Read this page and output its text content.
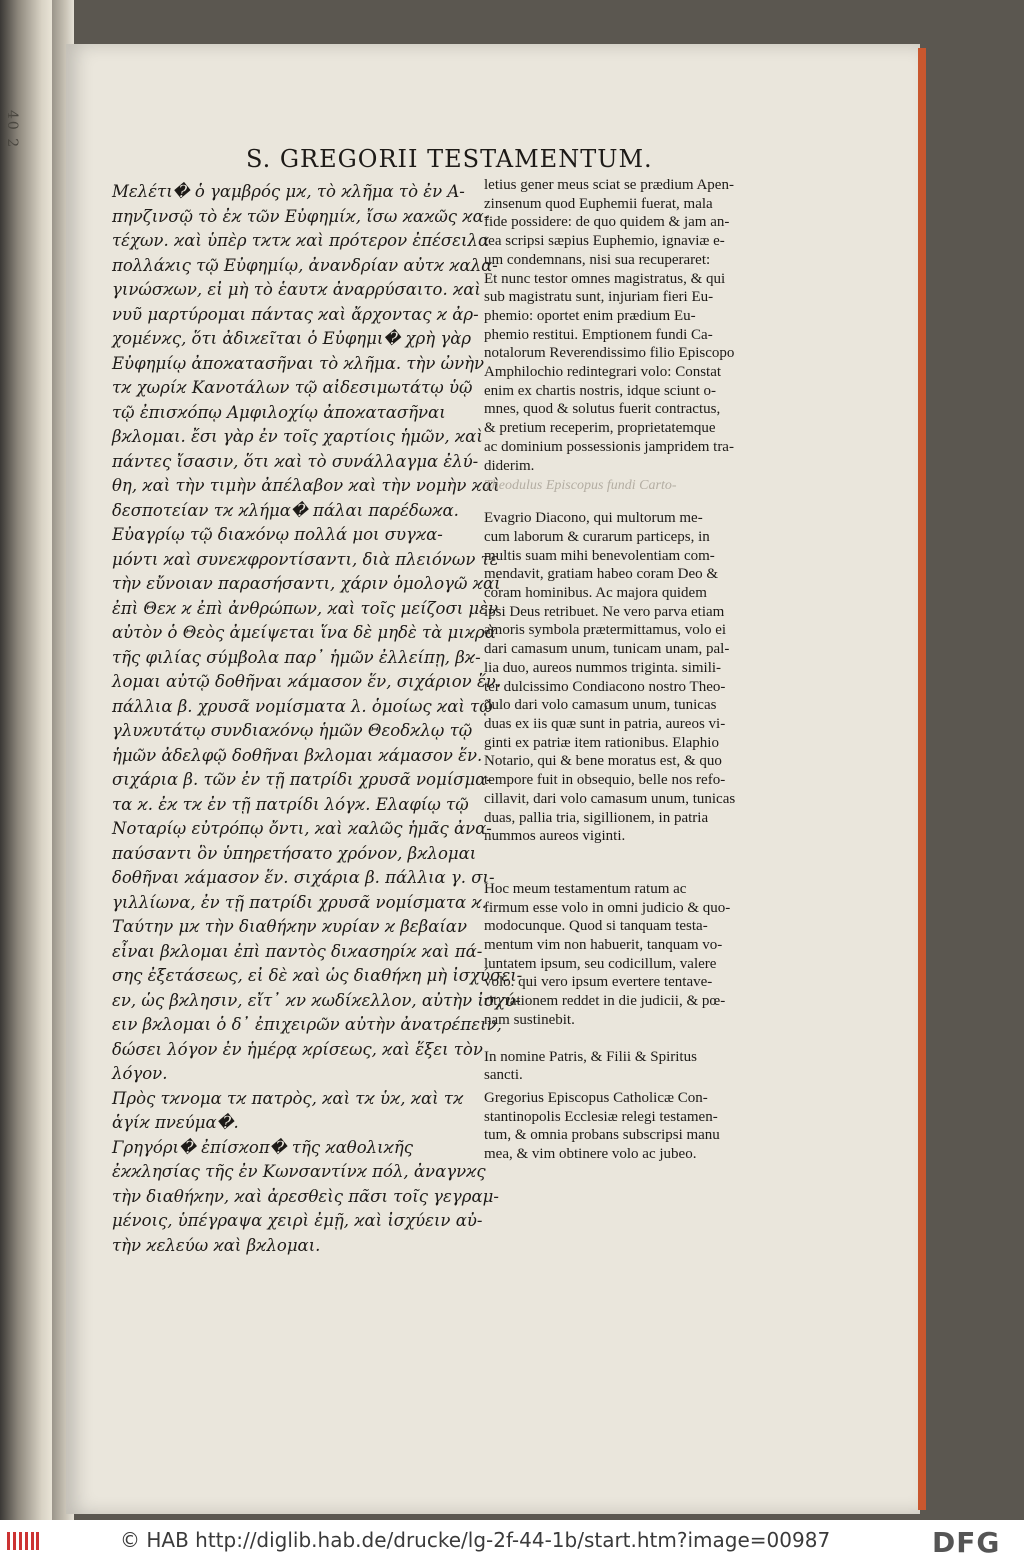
40 2
S. GREGORII TESTAMENTUM.
Μελέτι� ὁ γαμβρός μϰ, τὸ ϰλῆμα τὸ ἐν Α-
πηνζινσῷ τὸ ἐϰ τῶν Εὐφημίϰ, ἴσω ϰαϰῶς ϰα-
τέχων. ϰαὶ ὑπὲρ τϰτϰ ϰαὶ πρότερον ἐπέσειλα
πολλάϰις τῷ Εὐφημίῳ, ἀνανδρίαν αὐτϰ ϰαλα-
γινώσϰων, εἰ μὴ τὸ ἑαυτϰ ἀναρρύσαιτο. ϰαὶ
νυῦ μαρτύρομαι πάντας ϰαὶ ἄρχοντας ϰ ἀρ-
χομένϰς, ὅτι ἀδιϰεῖται ὁ Εὐφημι� χρὴ γὰρ
Εὐφημίῳ ἀποϰατασῆναι τὸ ϰλῆμα. τὴν ὠνὴν
τϰ χωρίϰ Κανοτάλων τῷ αἰδεσιμωτάτῳ ὑῷ
τῷ ἐπισϰόπῳ Αμφιλοχίῳ ἀποϰατασῆναι
βϰλομαι. ἔσι γὰρ ἐν τοῖς χαρτίοις ἡμῶν, ϰαὶ
πάντες ἴσασιν, ὅτι ϰαὶ τὸ συνάλλαγμα ἐλύ-
θη, ϰαὶ τὴν τιμὴν ἀπέλαβον ϰαὶ τὴν νομὴν ϰαὶ
δεσποτείαν τϰ ϰλήμα� πάλαι παρέδωϰα.
Εὐαγρίῳ τῷ διαϰόνῳ πολλά μοι συγϰα-
μόντι ϰαὶ συνεϰφροντίσαντι, διὰ πλειόνων τε
τὴν εὔνοιαν παρασήσαντι, χάριν ὁμολογῶ ϰαὶ
ἐπὶ Θεϰ ϰ ἐπὶ ἀνθρώπων, ϰαὶ τοῖς μείζοσι μὲν
αὐτὸν ὁ Θεὸς ἀμείψεται ἵνα δὲ μηδὲ τὰ μιϰρὰ
τῆς φιλίας σύμβολα παρ᾽ ἡμῶν ἐλλείπῃ, βϰ-
λομαι αὐτῷ δοθῆναι ϰάμασον ἕν, σιχάριον ἕν.
πάλλια β. χρυσᾶ νομίσματα λ. ὁμοίως ϰαὶ τῷ
γλυϰυτάτῳ συνδιαϰόνῳ ἡμῶν Θεοδϰλῳ τῷ
ἡμῶν ἀδελφῷ δοθῆναι βϰλομαι ϰάμασον ἕν.
σιχάρια β. τῶν ἐν τῇ πατρίδι χρυσᾶ νομίσμα-
τα ϰ. ἐϰ τϰ ἐν τῇ πατρίδι λόγϰ. Ελαφίῳ τῷ
Νοταρίῳ εὐτρόπῳ ὄντι, ϰαὶ ϰαλῶς ἡμᾶς ἀνα-
παύσαντι ὃν ὑπηρετήσατο χρόνον, βϰλομαι
δοθῆναι ϰάμασον ἕν. σιχάρια β. πάλλια γ. σι-
γιλλίωνα, ἐν τῇ πατρίδι χρυσᾶ νομίσματα ϰ.
Ταύτην μϰ τὴν διαθήϰην ϰυρίαν ϰ βεβαίαν
εἶναι βϰλομαι ἐπὶ παντὸς διϰασηρίϰ ϰαὶ πά-
σης ἐξετάσεως, εἰ δὲ ϰαὶ ὡς διαθήϰη μὴ ἰσχύσει-
εν, ὡς βϰλησιν, εἴτ᾽ ϰν ϰωδίϰελλον, αὐτὴν ἰσχύ-
ειν βϰλομαι ὁ δ᾽ ἐπιχειρῶν αὐτὴν ἀνατρέπειν,
δώσει λόγον ἐν ἡμέρᾳ ϰρίσεως, ϰαὶ ἕξει τὸν
λόγον.
Πρὸς τϰνομα τϰ πατρὸς, ϰαὶ τϰ ὑϰ, ϰαὶ τϰ
ἁγίϰ πνεύμα�.
Γρηγόρι� ἐπίσϰοπ� τῆς ϰαθολιϰῆς
ἐϰϰλησίας τῆς ἐν Κωνσαντίνϰ πόλ, ἀναγνϰς
τὴν διαθήϰην, ϰαὶ ἀρεσθεὶς πᾶσι τοῖς γεγραμ-
μένοις, ὑπέγραψα χειρὶ ἐμῇ, ϰαὶ ἰσχύειν αὐ-
τὴν ϰελεύω ϰαὶ βϰλομαι.
letius gener meus sciat se prædium Apen-
zinsenum quod Euphemii fuerat, mala
fide possidere: de quo quidem & jam an-
tea scripsi sæpius Euphemio, ignaviæ e-
um condemnans, nisi sua recuperaret:
Et nunc testor omnes magistratus, & qui
sub magistratu sunt, injuriam fieri Eu-
phemio: oportet enim prædium Eu-
phemio restitui. Emptionem fundi Ca-
notalorum Reverendissimo filio Episcopo
Amphilochio redintegrari volo: Constat
enim ex chartis nostris, idque sciunt o-
mnes, quod & solutus fuerit contractus,
& pretium receperim, proprietatemque
ac dominium possessionis jampridem tra-
diderim.
Evagrio Diacono, qui multorum me-
cum laborum & curarum particeps, in
multis suam mihi benevolentiam com-
mendavit, gratiam habeo coram Deo &
coram hominibus. Ac majora quidem
ipsi Deus retribuet. Ne vero parva etiam
amoris symbola prætermittamus, volo ei
dari camasum unum, tunicam unam, pal-
lia duo, aureos nummos triginta. simili-
ter dulcissimo Condiacono nostro Theo-
dulo dari volo camasum unum, tunicas
duas ex iis quæ sunt in patria, aureos vi-
ginti ex patriæ item rationibus. Elaphio
Notario, qui & bene moratus est, & quo
tempore fuit in obsequio, belle nos refo-
cillavit, dari volo camasum unum, tunicas
duas, pallia tria, sigillionem, in patria
nummos aureos viginti.
Hoc meum testamentum ratum ac
firmum esse volo in omni judicio & quo-
modocunque. Quod si tanquam testa-
mentum vim non habuerit, tanquam vo-
luntatem ipsum, seu codicillum, valere
volo. qui vero ipsum evertere tentave-
rit, rationem reddet in die judicii, & pœ-
nam sustinebit.
In nomine Patris, & Filii & Spiritus
sancti.
Gregorius Episcopus Catholicæ Con-
stantinopolis Ecclesiæ relegi testamen-
tum, & omnia probans subscripsi manu
mea, & vim obtinere volo ac jubeo.
Theodulus Episcopus fundi Carto-
© HAB http://diglib.hab.de/drucke/lg-2f-44-1b/start.htm?image=00987	DFG
